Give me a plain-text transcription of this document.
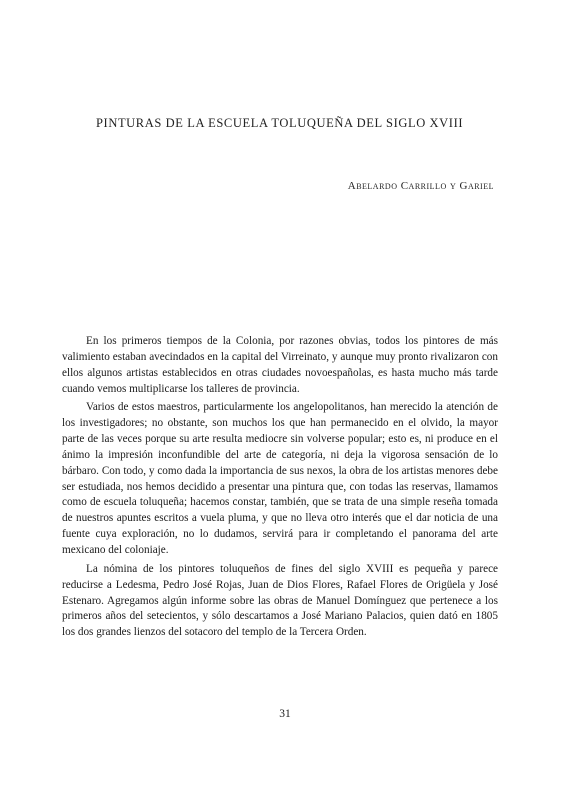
PINTURAS DE LA ESCUELA TOLUQUEÑA DEL SIGLO XVIII
Abelardo Carrillo y Gariel

En los primeros tiempos de la Colonia, por razones obvias, todos los pintores de más valimiento estaban avecindados en la capital del Virreinato, y aunque muy pronto rivalizaron con ellos algunos artistas establecidos en otras ciudades novoespañolas, es hasta mucho más tarde cuando vemos multiplicarse los talleres de provincia.

Varios de estos maestros, particularmente los angelopolitanos, han merecido la atención de los investigadores; no obstante, son muchos los que han permanecido en el olvido, la mayor parte de las veces porque su arte resulta mediocre sin volverse popular; esto es, ni produce en el ánimo la impresión inconfundible del arte de categoría, ni deja la vigorosa sensación de lo bárbaro. Con todo, y como dada la importancia de sus nexos, la obra de los artistas menores debe ser estudiada, nos hemos decidido a presentar una pintura que, con todas las reservas, llamamos como de escuela toluqueña; hacemos constar, también, que se trata de una simple reseña tomada de nuestros apuntes escritos a vuela pluma, y que no lleva otro interés que el dar noticia de una fuente cuya exploración, no lo dudamos, servirá para ir completando el panorama del arte mexicano del coloniaje.

La nómina de los pintores toluqueños de fines del siglo XVIII es pequeña y parece reducirse a Ledesma, Pedro José Rojas, Juan de Dios Flores, Rafael Flores de Origüela y José Estenaro. Agregamos algún informe sobre las obras de Manuel Domínguez que pertenece a los primeros años del setecientos, y sólo descartamos a José Mariano Palacios, quien dató en 1805 los dos grandes lienzos del sotacoro del templo de la Tercera Orden.

31
